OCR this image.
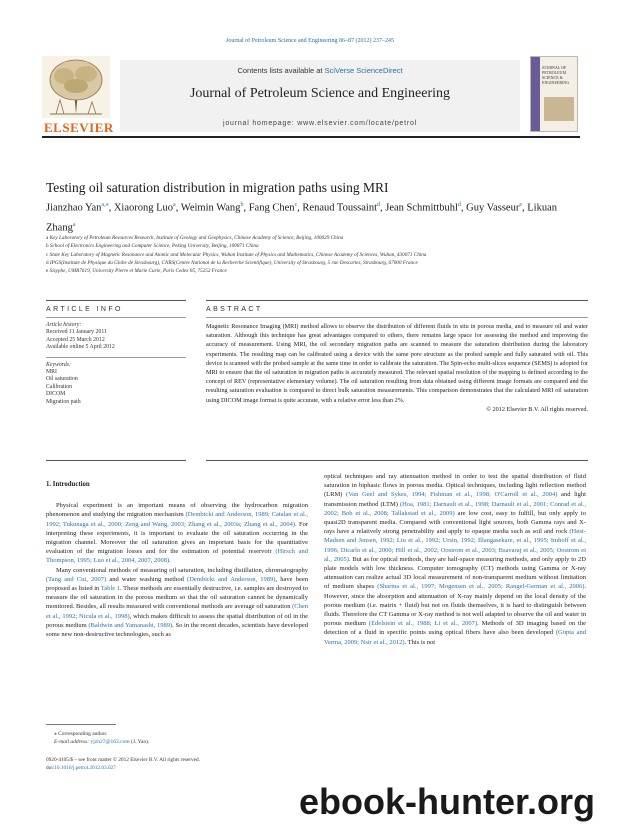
Journal of Petroleum Science and Engineering 86–87 (2012) 237–245
ELSEVIER
Contents lists available at SciVerse ScienceDirect
Journal of Petroleum Science and Engineering
journal homepage: www.elsevier.com/locate/petrol
JOURNAL OF PETROLEUM SCIENCE & ENGINEERING
Testing oil saturation distribution in migration paths using MRI
Jianzhao Yan$^{a,⁎}$, Xiaorong Luo$^a$, Weimin Wang$^b$, Fang Chen$^c$, Renaud Toussaint$^d$, Jean Schmittbuhl$^d$, Guy Vasseur$^e$, Likuan Zhang$^a$
a Key Laboratory of Petroleum Resources Research, Institute of Geology and Geophysics, Chinese Academy of Science, Beijing, 100029 China
b School of Electronics Engineering and Computer Science, Peking University, Beijing, 100871 China
c State Key Laboratory of Magnetic Resonance and Atomic and Molecular Physics, Wuhan Institute of Physics and Mathematics, Chinese Academy of Sciences, Wuhan, 430071 China
d IPGS(Institute de Physique du Globe de Strasbourg), CNRS(Centre National de la Recherche Scientifique), University of Strasbourg, 5 rue Descartes, Strasbourg, 67000 France
e Sisyphe, UMR7619, University Pierre et Marie Curie, Paris Cedex 05, 75252 France
ARTICLE INFO	ABSTRACT
Article history:
Received 11 January 2011
Accepted 25 March 2012
Available online 5 April 2012
Keywords:
MRI
Oil saturation
Calibration
DICOM
Migration path
Magnetic Resonance Imaging (MRI) method allows to observe the distribution of different fluids in situ in porous media, and to measure oil and water saturation. Although this technique has great advantages compared to others, there remains large space for assessing the method and improving the accuracy of measurement. Using MRI, the oil secondary migration paths are scanned to measure the saturation distribution during the laboratory experiments. The resulting map can be calibrated using a device with the same pore structure as the probed sample and fully saturated with oil. This device is scanned with the probed sample at the same time in order to calibrate the saturation. The Spin-echo multi-slices sequence (SEMS) is adopted for MRI to ensure that the oil saturation in migration paths is accurately measured. The relevant spatial resolution of the mapping is defined according to the concept of REV (representative elementary volume). The oil saturation resulting from data obtained using different image formats are compared and the resulting saturation evaluation is compared to direct bulk saturation measurements. This comparison demonstrates that the calculated MRI oil saturation using DICOM image format is quite accurate, with a relative error less than 2%.
© 2012 Elsevier B.V. All rights reserved.

1. Introduction

Physical experiment is an important means of observing the hydrocarbon migration phenomenon and studying the migration mechanism (Dembicki and Anderson, 1989; Catalan et al., 1992; Tukunaga et al., 2000; Zeng and Wang, 2003; Zhang et al., 2003a; Zhang et al., 2004). For interpreting these experiments, it is important to evaluate the oil saturation occurring in the migration channel. Moreover the oil saturation gives an important basis for the quantitative evaluation of the migration losses and for the estimation of potential reservoir (Hirsch and Thompson, 1995; Luo et al., 2004, 2007, 2008).

Many conventional methods of measuring oil saturation, including distillation, chromatography (Tang and Cui, 2007) and water washing method (Dembicki and Anderson, 1989), have been proposed as listed in Table 1. These methods are essentially destructive, i.e. samples are destroyed to measure the oil saturation in the porous medium so that the oil saturation cannot be dynamically monitored. Besides, all results measured with conventional methods are average oil saturation (Chen et al., 1992; Nicula et al., 1998), which makes difficult to assess the spatial distribution of oil in the porous medium (Baldwin and Yamanashi, 1989). So in the recent decades, scientists have developed some new non-destructive technologies, such as

optical techniques and ray attenuation method in order to test the spatial distribution of fluid saturation in biphasic flows in porous media. Optical techniques, including light reflection method (LRM) (Van Geel and Sykes, 1994; Fishman et al., 1998; O'Carroll et al., 2004) and light transmission method (LTM) (Hoa, 1981; Darnault et al., 1998; Darnault et al., 2001; Conrad et al., 2002; Bob et al., 2008; Tallakstad et al., 2009) are low cost, easy to fulfill, but only apply to quasi2D transparent media. Compared with conventional light sources, both Gamma rays and X-rays have a relatively strong penetrability and apply to opaque media such as soil and rock (Høst-Madsen and Jensen, 1992; Liu et al., 1992; Ursin, 1992; Illangasekare, et al., 1995; Imhoff et al., 1996; Dicarlo et al., 2000; Hill et al., 2002; Oostrom et al., 2003; Bsavaraj et al., 2005; Oostrom et al., 2005). But as for optical methods, they are half-space measuring methods, and only apply to 2D plate models with low thickness. Computer tomography (CT) methods using Gamma or X-ray attenuation can realize actual 3D local measurement of non-transparent medium without limitation of medium shapes (Sharma et al., 1997; Mogensen et al., 2005; Rangel-German et al., 2006). However, since the absorption and attenuation of X-ray mainly depend on the local density of the porous medium (i.e. matrix + fluid) but not on fluids themselves, it is hard to distinguish between fluids. Therefore the CT Gamma or X-ray method is not well adapted to observe the oil and water in porous medium (Edelstein et al., 1988; Li et al., 2007). Methods of 3D imaging based on the detection of a fluid in specific points using optical fibers have also been developed (Gupta and Verma, 2009; Nsir et al., 2012). This is not

⁎ Corresponding author.
E-mail address: yjzh27@163.com (J. Yan).
0920-4105/$ – see front matter © 2012 Elsevier B.V. All rights reserved.
doi:10.1016/j.petrol.2012.03.027
ebook-hunter.org
